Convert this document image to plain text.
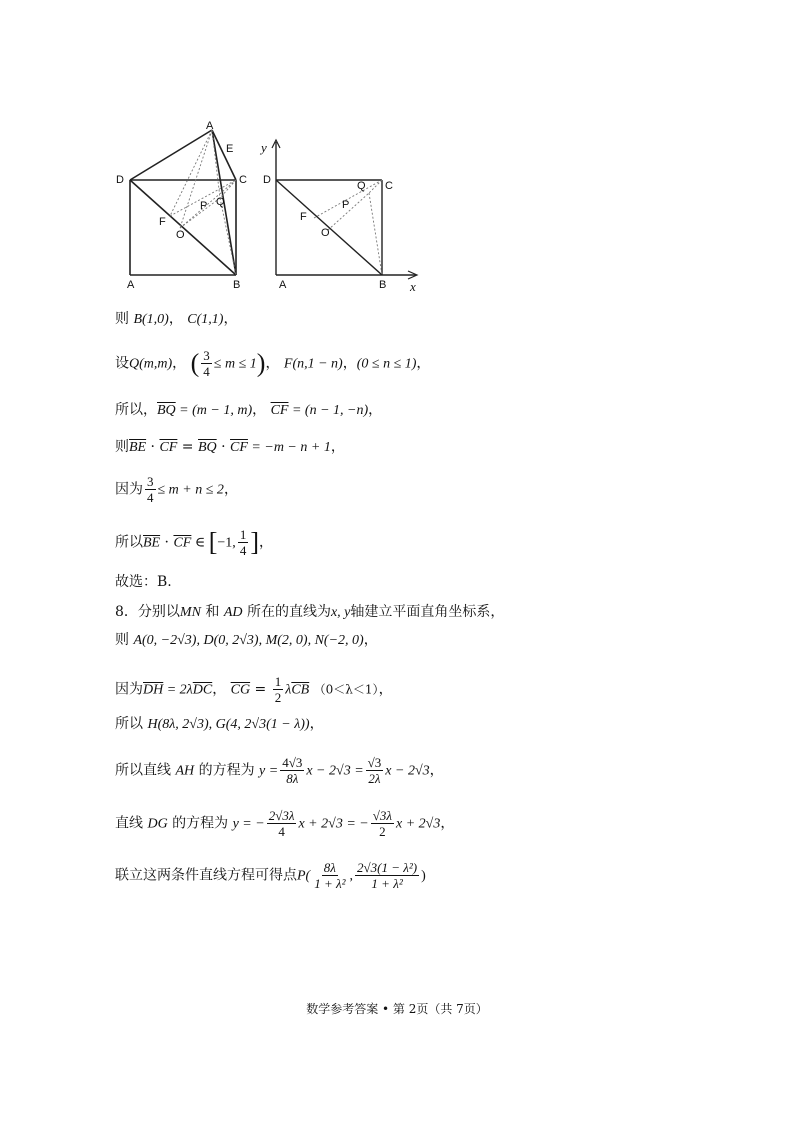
A
E
D	C
P Q
F
O
A	B
y
D	C
Q
P
F
O
A	B x
则 B(1,0)， C(1,1)，
设Q(m,m)， ( $\frac{3}{4} \le m \le 1$)， F(n,1 − n)，(0 ≤ n ≤ 1)，
所以，$\overline{BQ} = (m - 1$, m)， $\overline{CF} = (n - 1$, −n)，
则$\overline{BE} \cdot \overline{CF} = \overline{BQ} \cdot \overline{CF} = -m - n + 1$，
因为 $\frac{3}{4} \le m + n \le 2$，
所以$\overline{BE} \cdot \overline{CF}$ ∈ [−1, $\frac{1}{4}$ ]，
故选：B.
8．分别以MN 和 AD 所在的直线为x, y轴建立平面直角坐标系，
则 A(0, −2√3), D(0, 2√3), M(2, 0), N(−2, 0)，
因为$\overline{DH} = 2\lambda\overline{DC}$， $\overline{CG} = \frac{1}{2} \lambda\overline{CB}$ （0＜λ＜1），
所以 H(8λ, 2√3), G(4, 2√3(1 − λ))，
所以直线 AH 的方程为 $y = \frac{4√3}{8\lambda}$ $x - 2√3 = \frac{√3}{2\lambda}$ x − 2√3，
直线 DG 的方程为 y = − $\frac{2√3\lambda}{4}$ x + 2√3 = − $\frac{√3\lambda}{2}$ x + 2√3，
联立这两条件直线方程可得点$P( \frac{8\lambda}{\text{1 + λ²}}$ , $\frac{\text{2√3(1 − λ²)}}{\text{1 + λ²}}$ )
数学参考答案 • 第 2页（共 7页）
